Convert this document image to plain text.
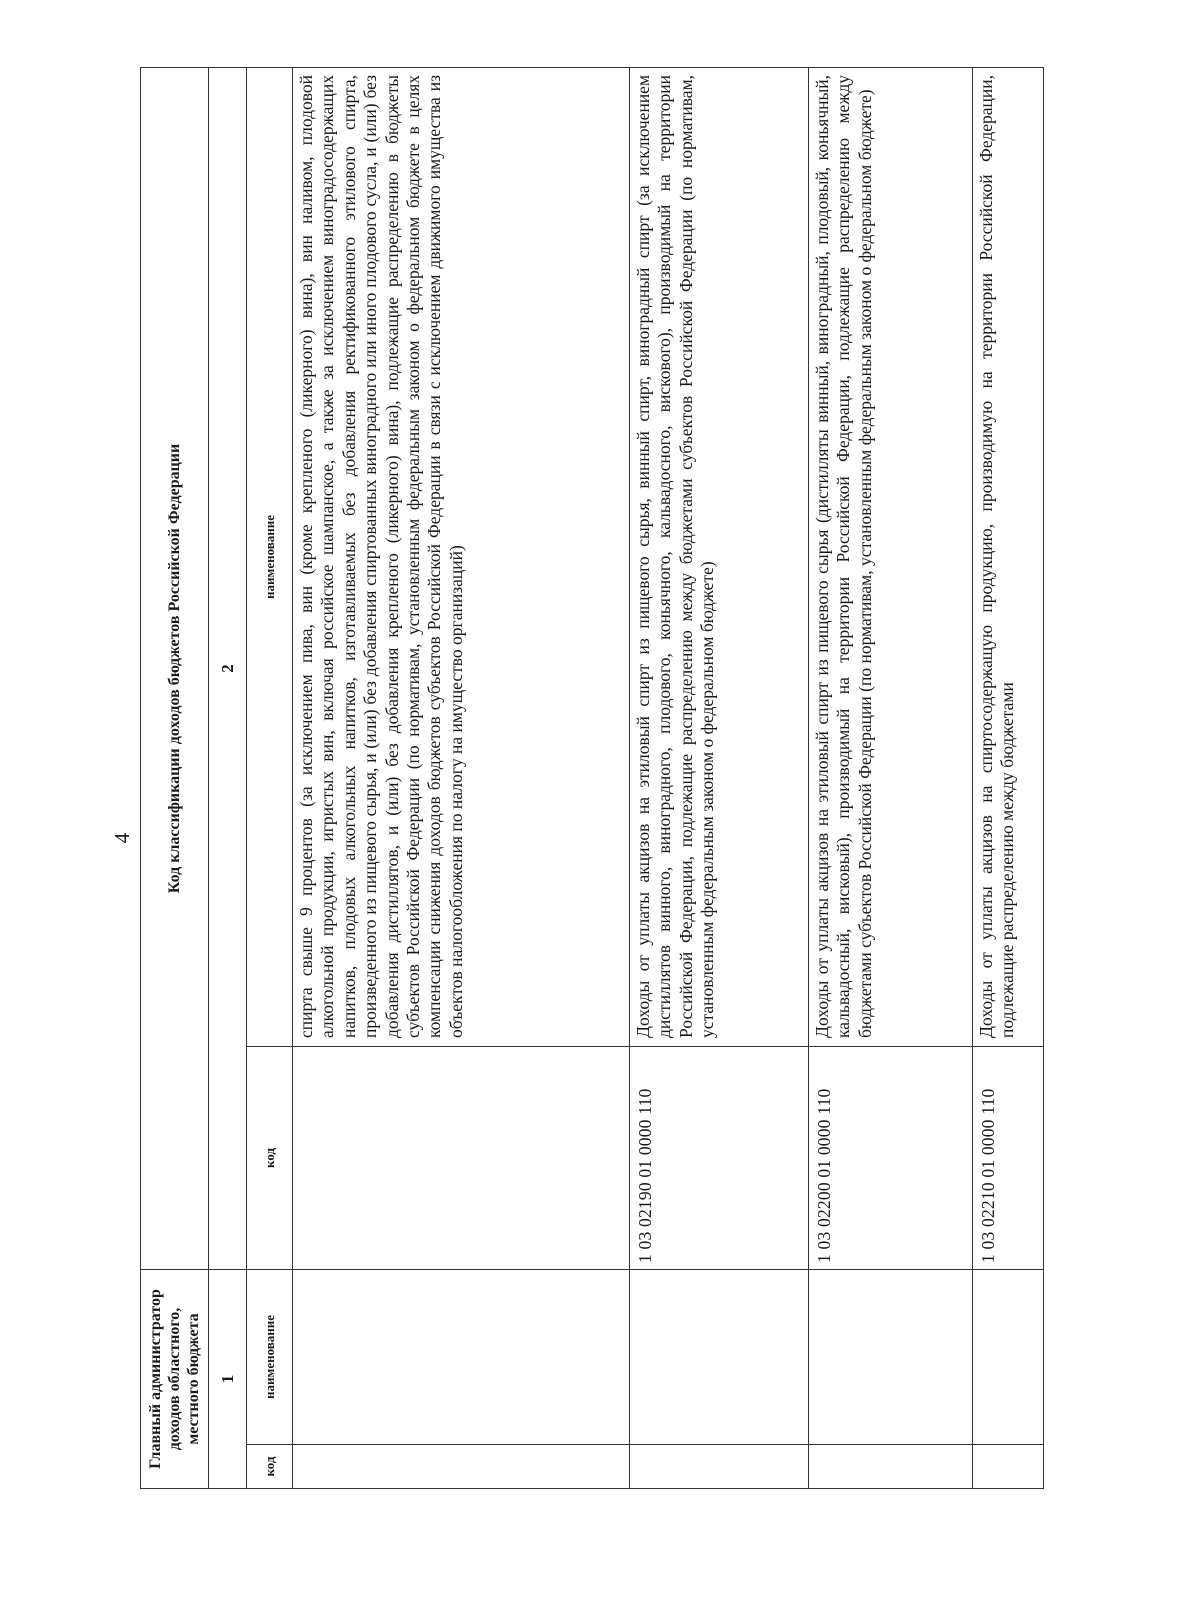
4
Главный администратор доходов областного, местного бюджета		Код классификации доходов бюджетов Российской Федерации	
1		2	
код	наименование	код	наименование
			спирта свыше 9 процентов (за исключением пива, вин (кроме крепленого (ликерного) вина), вин наливом, плодовой алкогольной продукции, игристых вин, включая российское шампанское, а также за исключением виноградосодержащих напитков, плодовых алкогольных напитков, изготавливаемых без добавления ректификованного этилового спирта, произведенного из пищевого сырья, и (или) без добавления спиртованных виноградного или иного плодового сусла, и (или) без добавления дистиллятов, и (или) без добавления крепленого (ликерного) вина), подлежащие распределению в бюджеты субъектов Российской Федерации (по нормативам, установленным федеральным законом о федеральном бюджете в целях компенсации снижения доходов бюджетов субъектов Российской Федерации в связи с исключением движимого имущества из объектов налогообложения по налогу на имущество организаций)
		1 03 02190 01 0000 110	Доходы от уплаты акцизов на этиловый спирт из пищевого сырья, винный спирт, виноградный спирт (за исключением дистиллятов винного, виноградного, плодового, коньячного, кальвадосного, вискового), производимый на территории Российской Федерации, подлежащие распределению между бюджетами субъектов Российской Федерации (по нормативам, установленным федеральным законом о федеральном бюджете)
		1 03 02200 01 0000 110	Доходы от уплаты акцизов на этиловый спирт из пищевого сырья (дистилляты винный, виноградный, плодовый, коньячный, кальвадосный, висковый), производимый на территории Российской Федерации, подлежащие распределению между бюджетами субъектов Российской Федерации (по нормативам, установленным федеральным законом о федеральном бюджете)
		1 03 02210 01 0000 110	Доходы от уплаты акцизов на спиртосодержащую продукцию, производимую на территории Российской Федерации, подлежащие распределению между бюджетами
